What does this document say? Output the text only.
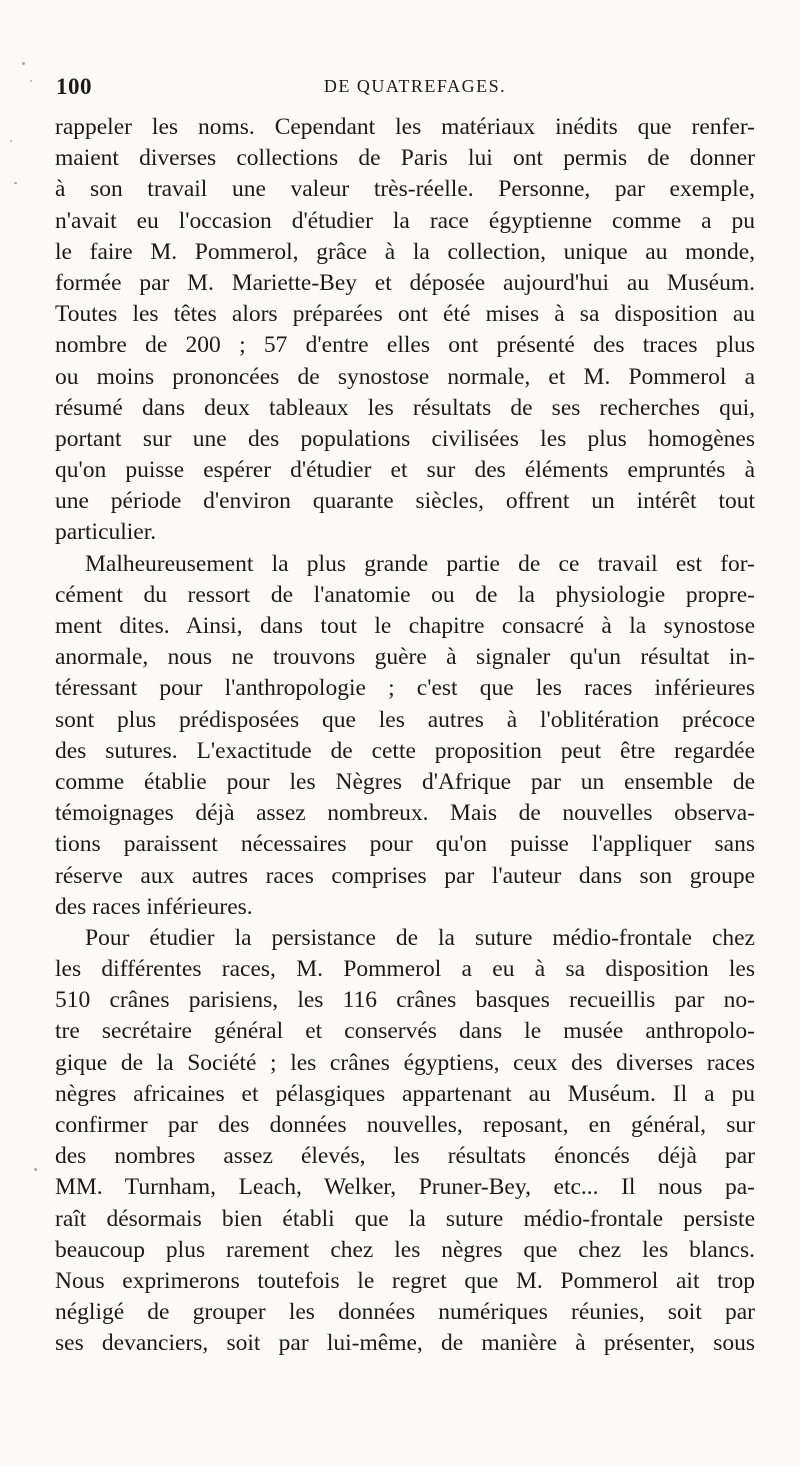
100	DE QUATREFAGES.
rappeler les noms. Cependant les matériaux inédits que renfer-
maient diverses collections de Paris lui ont permis de donner
à son travail une valeur très-réelle. Personne, par exemple,
n'avait eu l'occasion d'étudier la race égyptienne comme a pu
le faire M. Pommerol, grâce à la collection, unique au monde,
formée par M. Mariette-Bey et déposée aujourd'hui au Muséum.
Toutes les têtes alors préparées ont été mises à sa disposition au
nombre de 200 ; 57 d'entre elles ont présenté des traces plus
ou moins prononcées de synostose normale, et M. Pommerol a
résumé dans deux tableaux les résultats de ses recherches qui,
portant sur une des populations civilisées les plus homogènes
qu'on puisse espérer d'étudier et sur des éléments empruntés à
une période d'environ quarante siècles, offrent un intérêt tout
particulier.
Malheureusement la plus grande partie de ce travail est for-
cément du ressort de l'anatomie ou de la physiologie propre-
ment dites. Ainsi, dans tout le chapitre consacré à la synostose
anormale, nous ne trouvons guère à signaler qu'un résultat in-
téressant pour l'anthropologie ; c'est que les races inférieures
sont plus prédisposées que les autres à l'oblitération précoce
des sutures. L'exactitude de cette proposition peut être regardée
comme établie pour les Nègres d'Afrique par un ensemble de
témoignages déjà assez nombreux. Mais de nouvelles observa-
tions paraissent nécessaires pour qu'on puisse l'appliquer sans
réserve aux autres races comprises par l'auteur dans son groupe
des races inférieures.
Pour étudier la persistance de la suture médio-frontale chez
les différentes races, M. Pommerol a eu à sa disposition les
510 crânes parisiens, les 116 crânes basques recueillis par no-
tre secrétaire général et conservés dans le musée anthropolo-
gique de la Société ; les crânes égyptiens, ceux des diverses races
nègres africaines et pélasgiques appartenant au Muséum. Il a pu
confirmer par des données nouvelles, reposant, en général, sur
des nombres assez élevés, les résultats énoncés déjà par
MM. Turnham, Leach, Welker, Pruner-Bey, etc... Il nous pa-
raît désormais bien établi que la suture médio-frontale persiste
beaucoup plus rarement chez les nègres que chez les blancs.
Nous exprimerons toutefois le regret que M. Pommerol ait trop
négligé de grouper les données numériques réunies, soit par
ses devanciers, soit par lui-même, de manière à présenter, sous
